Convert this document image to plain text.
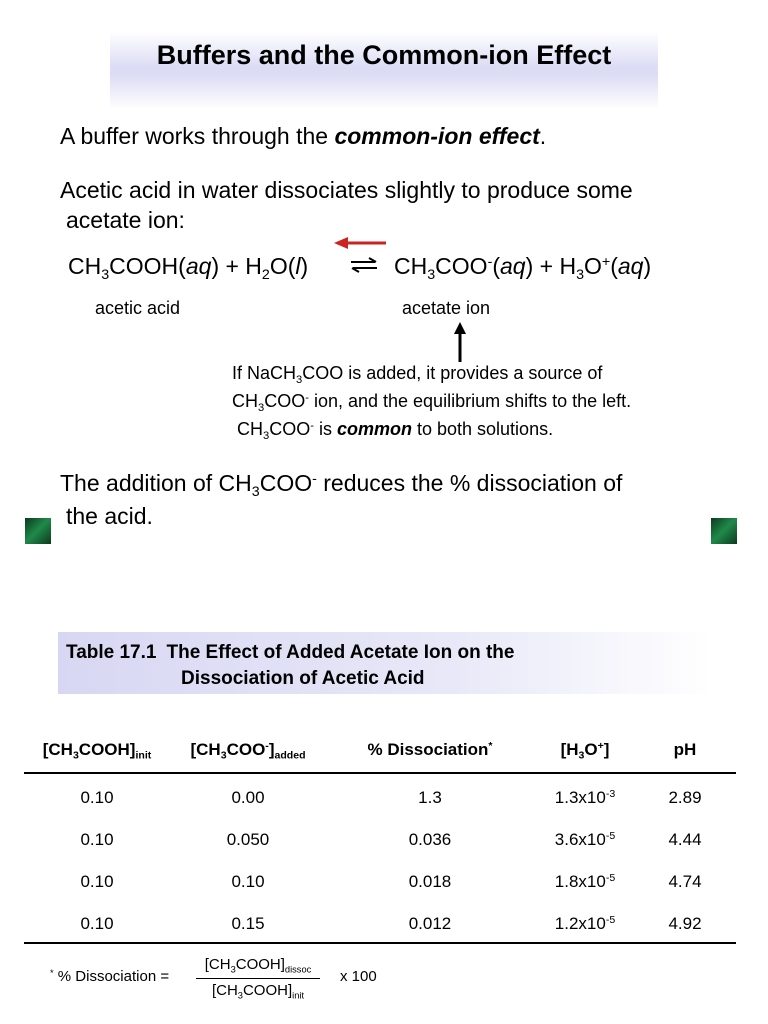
Buffers and the Common-ion Effect
A buffer works through the common-ion effect.
Acetic acid in water dissociates slightly to produce some
acetate ion:
$CH_3COOH(aq) + H_2O(l)$	⇌ $CH_3COO^-(aq) + H_3O^+(aq)$
acetic acid	acetate ion
If NaCH$_3$COO is added, it provides a source of
$CH_3COO^-$ ion, and the equilibrium shifts to the left.
$CH_3COO^-$ is common to both solutions.
The addition of $CH_3COO^-$ reduces the % dissociation of
the acid.
Table 17.1 The Effect of Added Acetate Ion on the
Dissociation of Acetic Acid
$[CH_3COOH]_{init}$	$[CH_3COO^-]_{added}$	% Dissociation*	$[H_3O^+]$	pH
0.10	0.00	1.3	$1.3x10^{-3}$	2.89
0.10	0.050	0.036	$3.6x10^{-5}$	4.44
0.10	0.10	0.018	$1.8x10^{-5}$	4.74
0.10	0.15	0.012	$1.2x10^{-5}$	4.92
* % Dissociation =
$[CH_3COOH]_{dissoc}$
$[CH_3COOH]_{init}$
x 100
